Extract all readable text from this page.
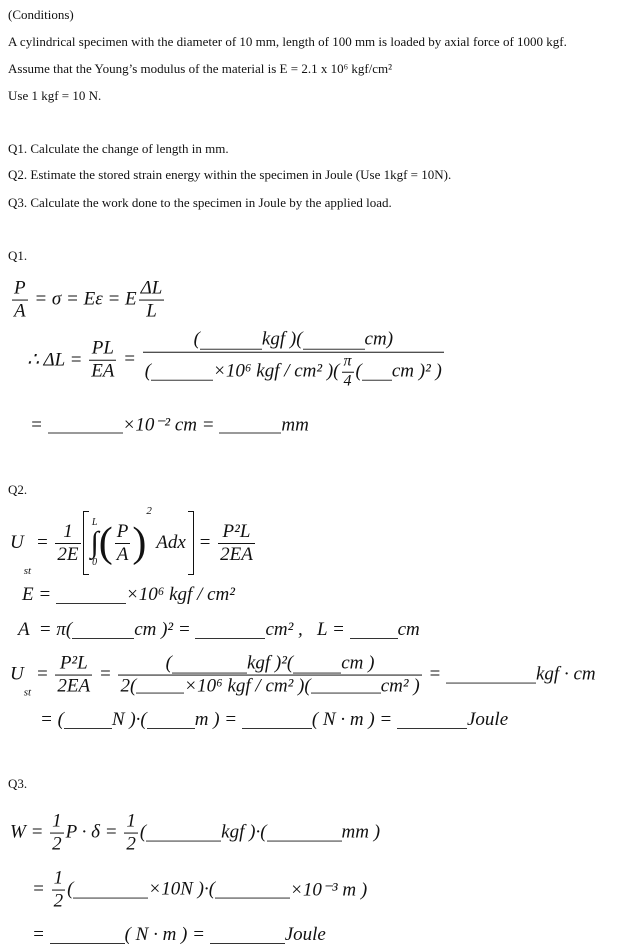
(Conditions)
A cylindrical specimen with the diameter of 10 mm, length of 100 mm is loaded by axial force of 1000 kgf.
Assume that the Young’s modulus of the material is E = 2.1 x 10⁶ kgf/cm²
Use 1 kgf = 10 N.
Q1. Calculate the change of length in mm.
Q2. Estimate the stored strain energy within the specimen in Joule (Use 1kgf = 10N).
Q3. Calculate the work done to the specimen in Joule by the applied load.
Q1.
$\frac{P}{A} = \sigma = E\varepsilon = E \frac{\Delta L}{L}$
∴ $\Delta L = \frac{PL}{EA}$ = (	kgf )(	cm)
(	×10⁶ kgf / cm² )( $\frac{\pi}{4}$ ( cm )² )
=	×10⁻² cm =	mm
Q2.
U
st
= $\frac{1}{2E}$ L
∫
0 ( $\frac{P}{A}$ )
2
Adx = $\frac{\text{P²L}}{2EA}$
E =	×10⁶ kgf / cm²
A  = π(	cm )² =	cm² ,   L =	cm
U
st
= $\frac{\text{P²L}}{2EA}$ = (	kgf )²(	cm )
2(	×10⁶ kgf / cm² )(	cm² ) =	kgf · cm
= (	N )·(	m ) =	( N · m ) =	Joule
Q3.
$W = \frac{1}{2}$ $P \cdot \delta = \frac{1}{2}$ (	kgf )·(	mm )
= $\frac{1}{2}$ (	×10N )·(	×10⁻³ m )
=	( N · m ) =	Joule
